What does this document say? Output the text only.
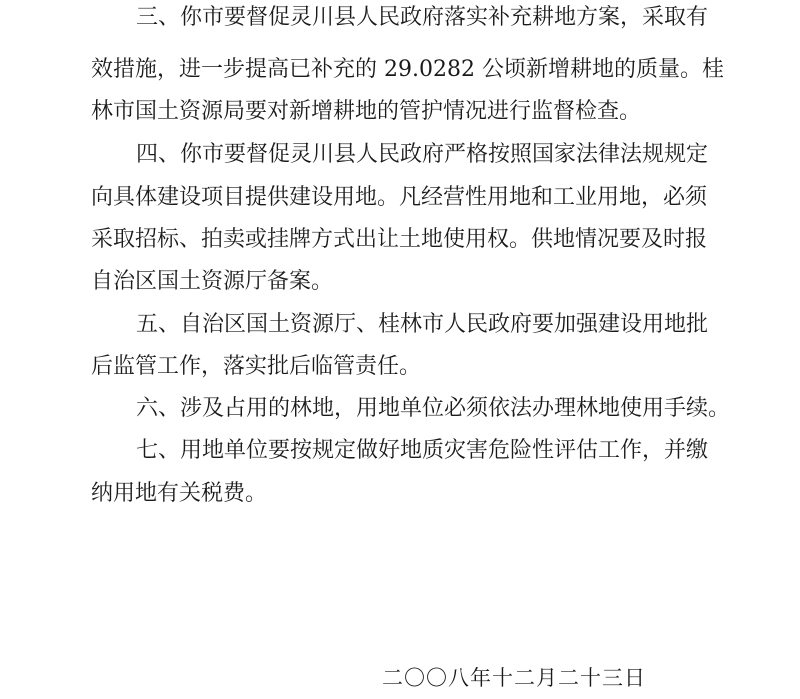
三、你市要督促灵川县人民政府落实补充耕地方案，采取有
效措施，进一步提高已补充的 29.0282 公顷新增耕地的质量。桂
林市国土资源局要对新增耕地的管护情况进行监督检查。
四、你市要督促灵川县人民政府严格按照国家法律法规规定
向具体建设项目提供建设用地。凡经营性用地和工业用地，必须
采取招标、拍卖或挂牌方式出让土地使用权。供地情况要及时报
自治区国土资源厅备案。
五、自治区国土资源厅、桂林市人民政府要加强建设用地批
后监管工作，落实批后临管责任。
六、涉及占用的林地，用地单位必须依法办理林地使用手续。
七、用地单位要按规定做好地质灾害危险性评估工作，并缴
纳用地有关税费。
二〇〇八年十二月二十三日
